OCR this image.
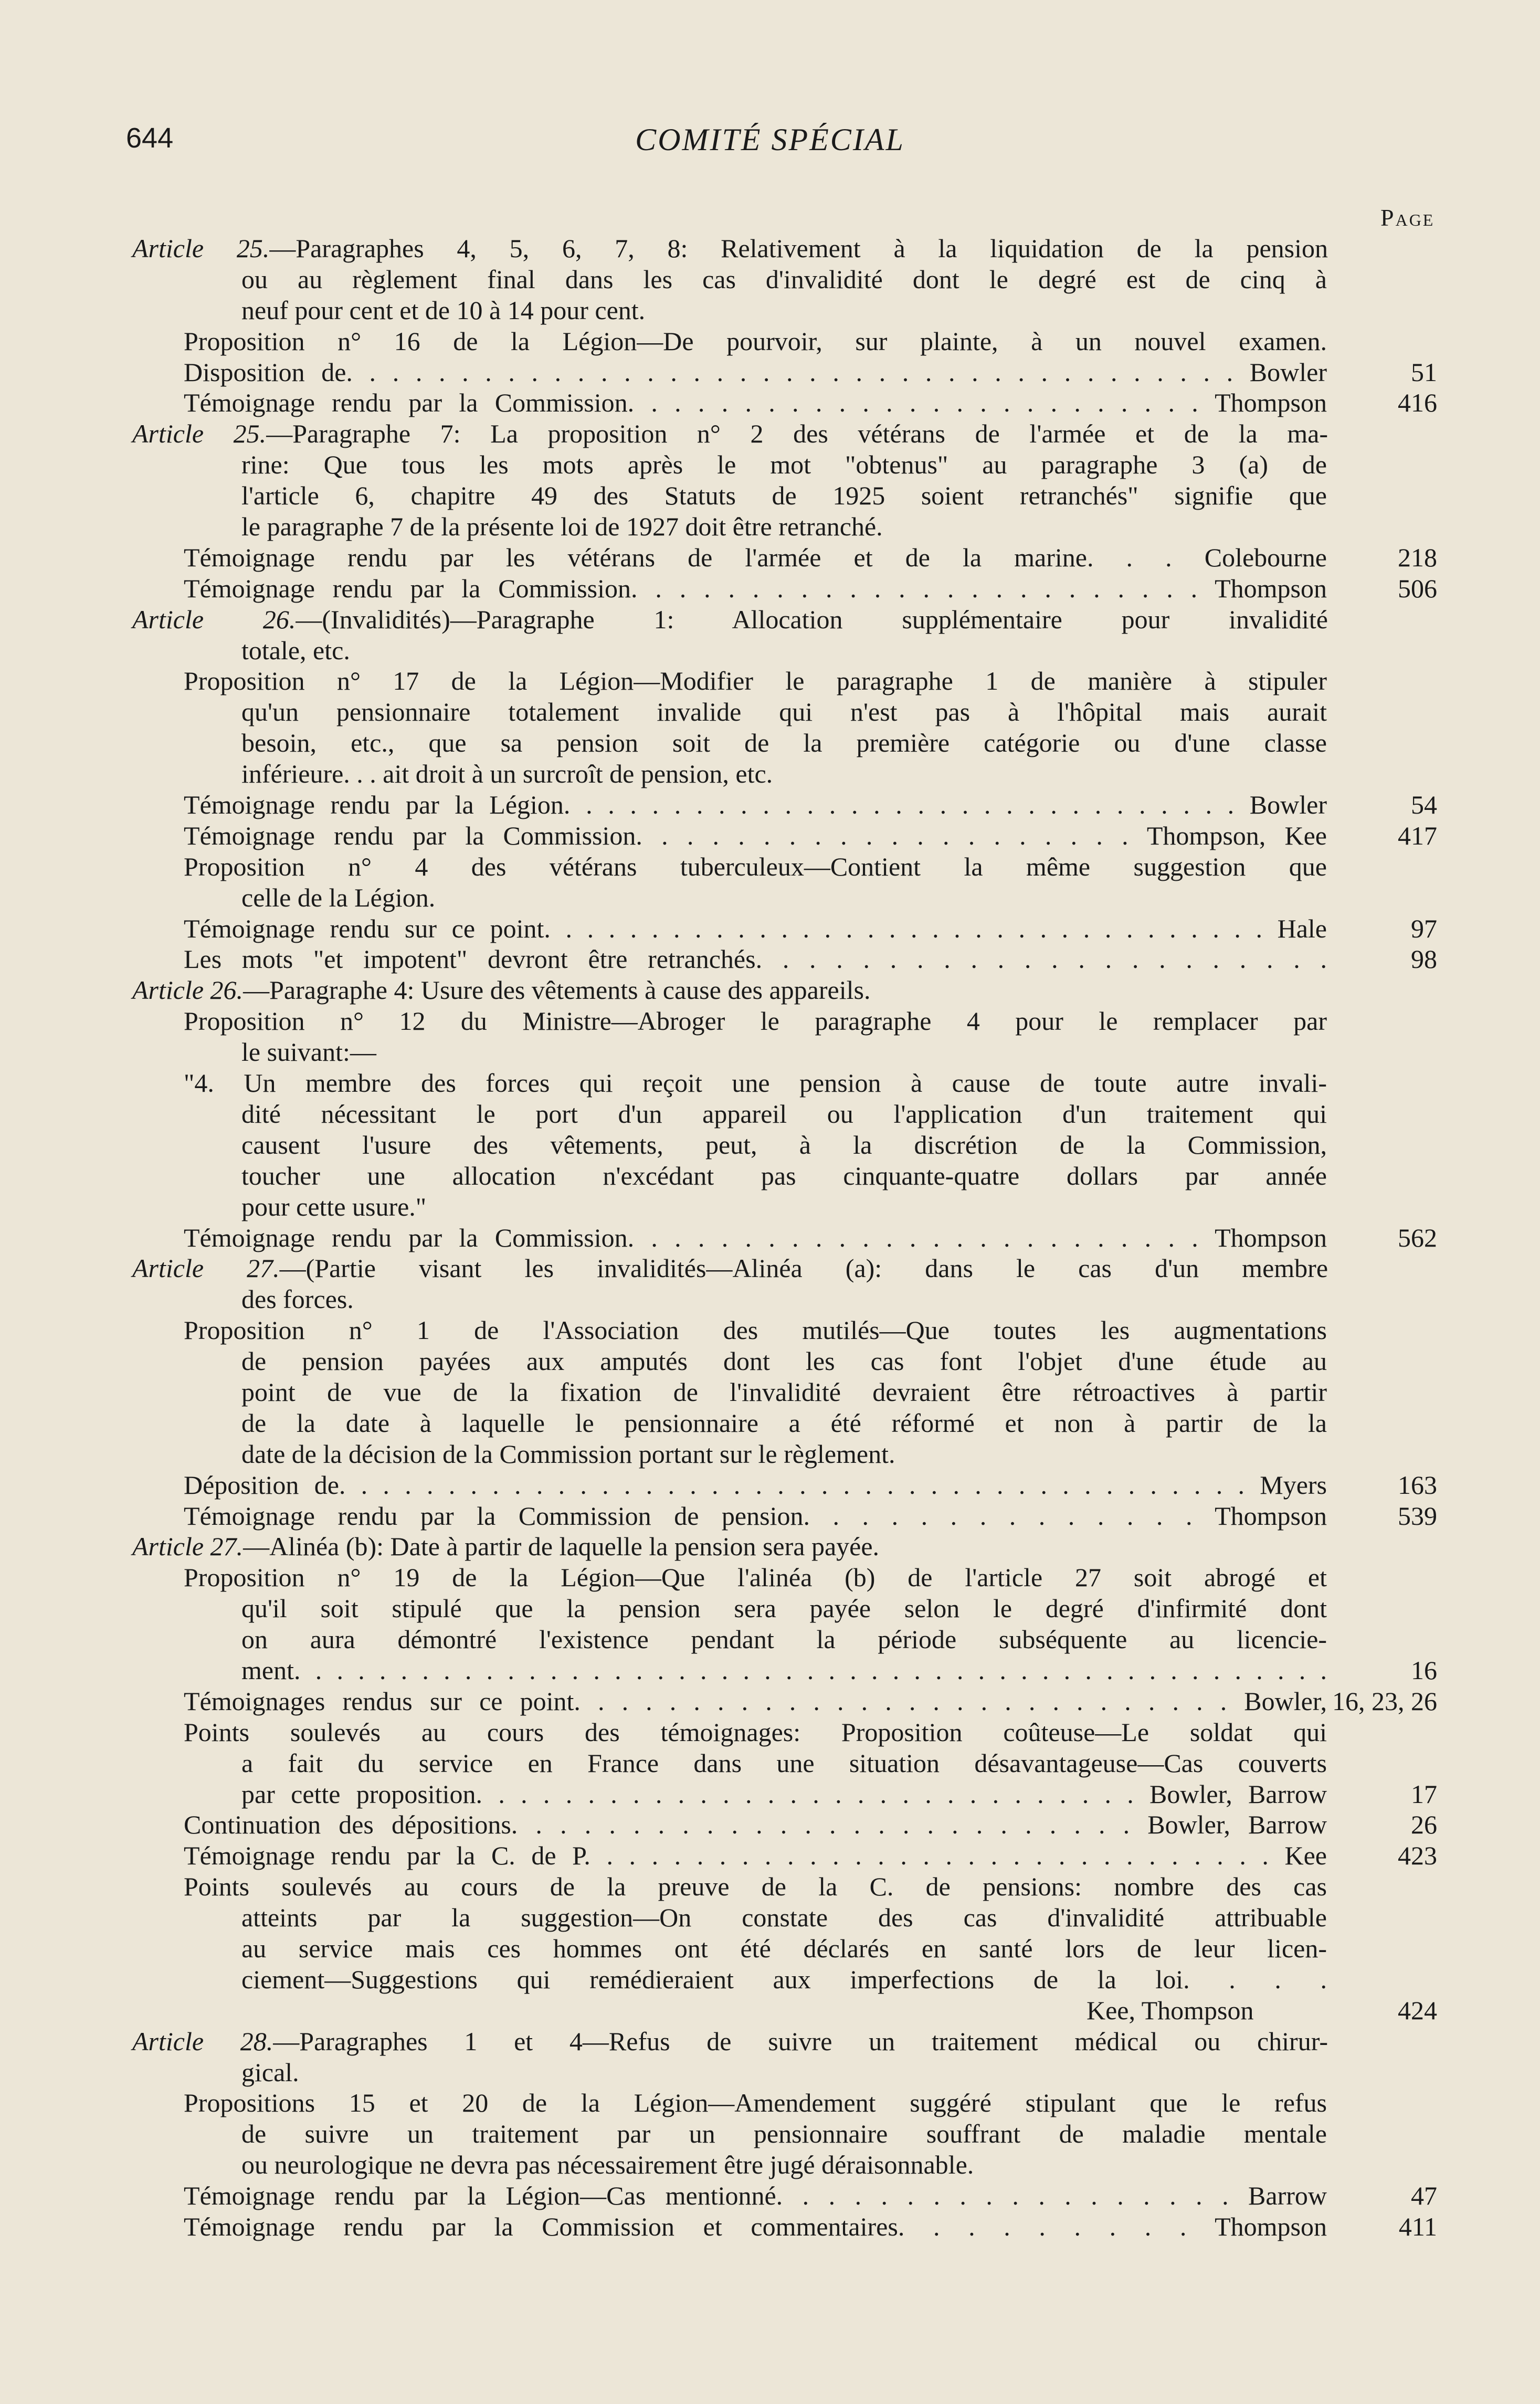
644	COMITÉ SPÉCIAL
Page
Article 25.—Paragraphes 4, 5, 6, 7, 8: Relativement à la liquidation de la pension
ou au règlement final dans les cas d'invalidité dont le degré est de cinq à
neuf pour cent et de 10 à 14 pour cent.
Proposition n° 16 de la Légion—De pourvoir, sur plainte, à un nouvel examen.
Disposition de. . . . . . . . . . . . . . . . . . . . . . . . . . . . . . . . . . . . . . . Bowler	51
Témoignage rendu par la Commission. . . . . . . . . . . . . . . . . . . . . . . . . Thompson	416
Article 25.—Paragraphe 7: La proposition n° 2 des vétérans de l'armée et de la ma-
rine: Que tous les mots après le mot "obtenus" au paragraphe 3 (a) de
l'article 6, chapitre 49 des Statuts de 1925 soient retranchés" signifie que
le paragraphe 7 de la présente loi de 1927 doit être retranché.
Témoignage rendu par les vétérans de l'armée et de la marine. . . Colebourne	218
Témoignage rendu par la Commission. . . . . . . . . . . . . . . . . . . . . . . . Thompson	506
Article 26.—(Invalidités)—Paragraphe 1: Allocation supplémentaire pour invalidité
totale, etc.
Proposition n° 17 de la Légion—Modifier le paragraphe 1 de manière à stipuler
qu'un pensionnaire totalement invalide qui n'est pas à l'hôpital mais aurait
besoin, etc., que sa pension soit de la première catégorie ou d'une classe
inférieure. . . ait droit à un surcroît de pension, etc.
Témoignage rendu par la Légion. . . . . . . . . . . . . . . . . . . . . . . . . . . . . . . Bowler	54
Témoignage rendu par la Commission. . . . . . . . . . . . . . . . . . . . Thompson, Kee	417
Proposition n° 4 des vétérans tuberculeux—Contient la même suggestion que
celle de la Légion.
Témoignage rendu sur ce point. . . . . . . . . . . . . . . . . . . . . . . . . . . . . . . . . . Hale	97
Les mots "et impotent" devront être retranchés. . . . . . . . . . . . . . . . . . . . . .	98
Article 26.—Paragraphe 4: Usure des vêtements à cause des appareils.
Proposition n° 12 du Ministre—Abroger le paragraphe 4 pour le remplacer par
le suivant:—
"4. Un membre des forces qui reçoit une pension à cause de toute autre invali-
dité nécessitant le port d'un appareil ou l'application d'un traitement qui
causent l'usure des vêtements, peut, à la discrétion de la Commission,
toucher une allocation n'excédant pas cinquante-quatre dollars par année
pour cette usure."
Témoignage rendu par la Commission. . . . . . . . . . . . . . . . . . . . . . . . . Thompson	562
Article 27.—(Partie visant les invalidités—Alinéa (a): dans le cas d'un membre
des forces.
Proposition n° 1 de l'Association des mutilés—Que toutes les augmentations
de pension payées aux amputés dont les cas font l'objet d'une étude au
point de vue de la fixation de l'invalidité devraient être rétroactives à partir
de la date à laquelle le pensionnaire a été réformé et non à partir de la
date de la décision de la Commission portant sur le règlement.
Déposition de. . . . . . . . . . . . . . . . . . . . . . . . . . . . . . . . . . . . . . . . . . Myers	163
Témoignage rendu par la Commission de pension. . . . . . . . . . . . . . Thompson	539
Article 27.—Alinéa (b): Date à partir de laquelle la pension sera payée.
Proposition n° 19 de la Légion—Que l'alinéa (b) de l'article 27 soit abrogé et
qu'il soit stipulé que la pension sera payée selon le degré d'infirmité dont
on aura démontré l'existence pendant la période subséquente au licencie-
ment. . . . . . . . . . . . . . . . . . . . . . . . . . . . . . . . . . . . . . . . . . . . . . . . .	16
Témoignages rendus sur ce point. . . . . . . . . . . . . . . . . . . . . . . . . . . . Bowler, 16, 23, 26
Points soulevés au cours des témoignages: Proposition coûteuse—Le soldat qui
a fait du service en France dans une situation désavantageuse—Cas couverts
par cette proposition. . . . . . . . . . . . . . . . . . . . . . . . . . . . . . Bowler, Barrow	17
Continuation des dépositions. . . . . . . . . . . . . . . . . . . . . . . . . . Bowler, Barrow	26
Témoignage rendu par la C. de P. . . . . . . . . . . . . . . . . . . . . . . . . . . . . . . Kee	423
Points soulevés au cours de la preuve de la C. de pensions: nombre des cas
atteints par la suggestion—On constate des cas d'invalidité attribuable
au service mais ces hommes ont été déclarés en santé lors de leur licen-
ciement—Suggestions qui remédieraient aux imperfections de la loi. . . .
Kee, Thompson	424
Article 28.—Paragraphes 1 et 4—Refus de suivre un traitement médical ou chirur-
gical.
Propositions 15 et 20 de la Légion—Amendement suggéré stipulant que le refus
de suivre un traitement par un pensionnaire souffrant de maladie mentale
ou neurologique ne devra pas nécessairement être jugé déraisonnable.
Témoignage rendu par la Légion—Cas mentionné. . . . . . . . . . . . . . . . . . Barrow	47
Témoignage rendu par la Commission et commentaires. . . . . . . . . Thompson	411
